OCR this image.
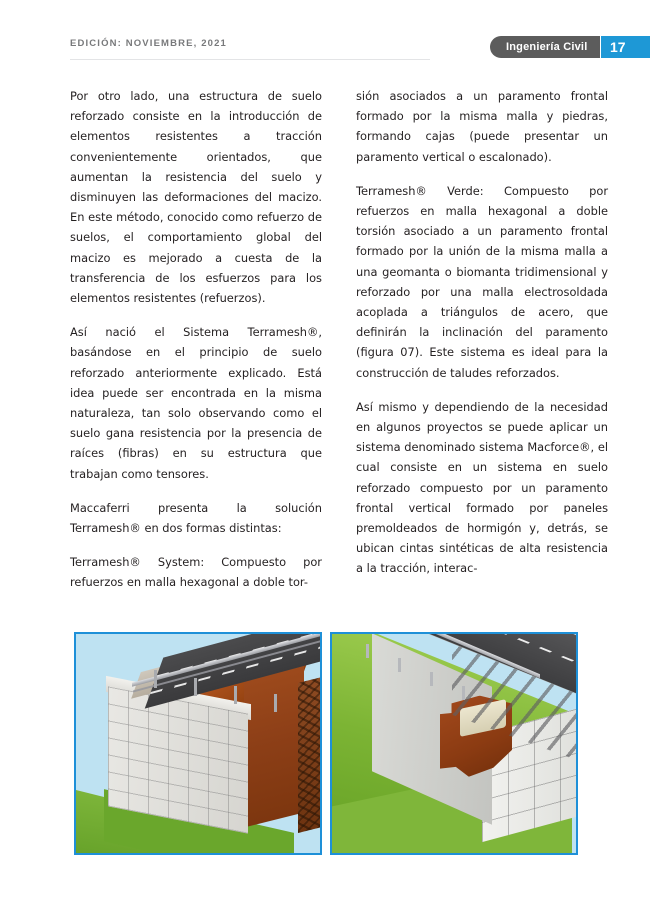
EDICIÓN: NOVIEMBRE, 2021	Ingeniería Civil 17

Por otro lado, una estructura de suelo reforzado consiste en la introducción de elementos resistentes a tracción convenientemente orientados, que aumentan la resistencia del suelo y disminuyen las deformaciones del macizo. En este método, conocido como refuerzo de suelos, el comportamiento global del macizo es mejorado a cuesta de la transferencia de los esfuerzos para los elementos resistentes (refuerzos).

Así nació el Sistema Terramesh®, basándose en el principio de suelo reforzado anteriormente explicado. Está idea puede ser encontrada en la misma naturaleza, tan solo observando como el suelo gana resistencia por la presencia de raíces (fibras) en su estructura que trabajan como tensores.

Maccaferri presenta la solución Terramesh® en dos formas distintas:

Terramesh® System: Compuesto por refuerzos en malla hexagonal a doble tor-

sión asociados a un paramento frontal formado por la misma malla y piedras, formando cajas (puede presentar un paramento vertical o escalonado).

Terramesh® Verde: Compuesto por refuerzos en malla hexagonal a doble torsión asociado a un paramento frontal formado por la unión de la misma malla a una geomanta o biomanta tridimensional y reforzado por una malla electrosoldada acoplada a triángulos de acero, que definirán la inclinación del paramento (figura 07). Este sistema es ideal para la construcción de taludes reforzados.

Así mismo y dependiendo de la necesidad en algunos proyectos se puede aplicar un sistema denominado sistema Macforce®, el cual consiste en un sistema en suelo reforzado compuesto por un paramento frontal vertical formado por paneles premoldeados de hormigón y, detrás, se ubican cintas sintéticas de alta resistencia a la tracción, interac-
